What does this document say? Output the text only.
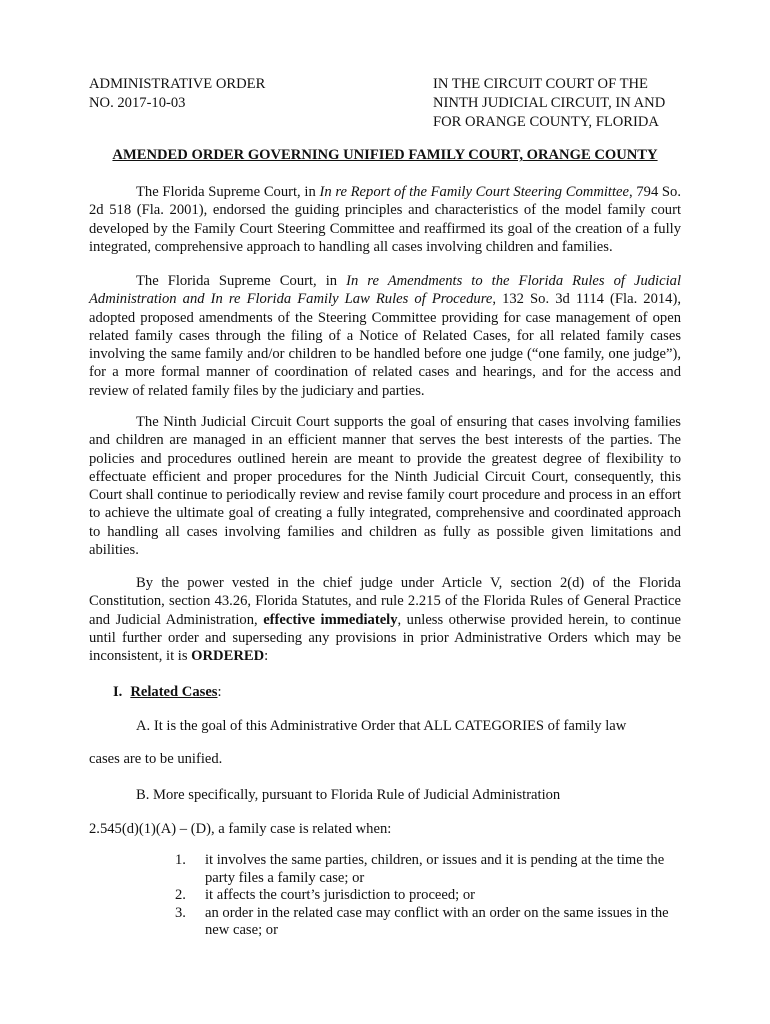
ADMINISTRATIVE ORDER
NO. 2017-10-03
IN THE CIRCUIT COURT OF THE
NINTH JUDICIAL CIRCUIT, IN AND
FOR ORANGE COUNTY, FLORIDA
AMENDED ORDER GOVERNING UNIFIED FAMILY COURT, ORANGE COUNTY
The Florida Supreme Court, in In re Report of the Family Court Steering Committee, 794 So. 2d 518 (Fla. 2001), endorsed the guiding principles and characteristics of the model family court developed by the Family Court Steering Committee and reaffirmed its goal of the creation of a fully integrated, comprehensive approach to handling all cases involving children and families.
The Florida Supreme Court, in In re Amendments to the Florida Rules of Judicial Administration and In re Florida Family Law Rules of Procedure, 132 So. 3d 1114 (Fla. 2014), adopted proposed amendments of the Steering Committee providing for case management of open related family cases through the filing of a Notice of Related Cases, for all related family cases involving the same family and/or children to be handled before one judge (“one family, one judge”), for a more formal manner of coordination of related cases and hearings, and for the access and review of related family files by the judiciary and parties.
The Ninth Judicial Circuit Court supports the goal of ensuring that cases involving families and children are managed in an efficient manner that serves the best interests of the parties. The policies and procedures outlined herein are meant to provide the greatest degree of flexibility to effectuate efficient and proper procedures for the Ninth Judicial Circuit Court, consequently, this Court shall continue to periodically review and revise family court procedure and process in an effort to achieve the ultimate goal of creating a fully integrated, comprehensive and coordinated approach to handling all cases involving families and children as fully as possible given limitations and abilities.
By the power vested in the chief judge under Article V, section 2(d) of the Florida Constitution, section 43.26, Florida Statutes, and rule 2.215 of the Florida Rules of General Practice and Judicial Administration, effective immediately, unless otherwise provided herein, to continue until further order and superseding any provisions in prior Administrative Orders which may be inconsistent, it is ORDERED:
I. Related Cases:
A. It is the goal of this Administrative Order that ALL CATEGORIES of family law
cases are to be unified.
B. More specifically, pursuant to Florida Rule of Judicial Administration
2.545(d)(1)(A) – (D), a family case is related when:
1.	it involves the same parties, children, or issues and it is pending at the time the party files a family case; or
2.	it affects the court’s jurisdiction to proceed; or
3.	an order in the related case may conflict with an order on the same issues in the new case; or
